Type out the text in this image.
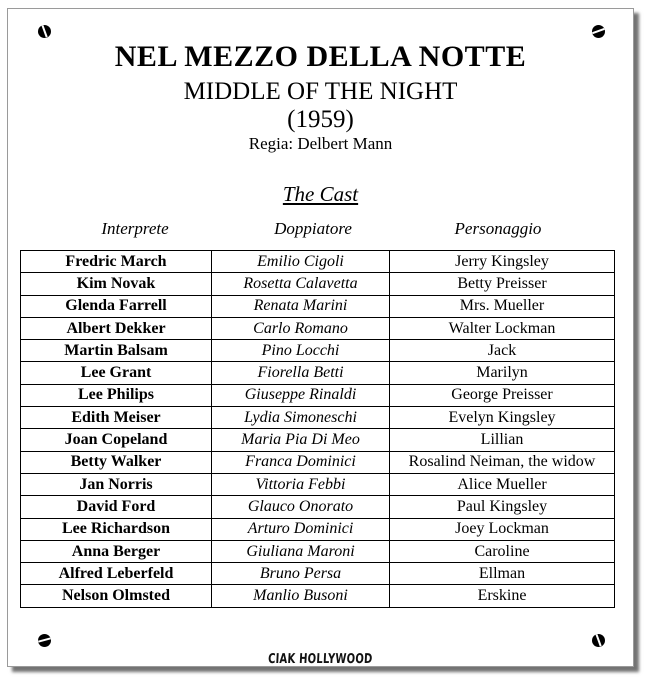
NEL MEZZO DELLA NOTTE
MIDDLE OF THE NIGHT
(1959)
Regia: Delbert Mann
The Cast
Interprete	Doppiatore	Personaggio
Fredric March	Emilio Cigoli	Jerry Kingsley
Kim Novak	Rosetta Calavetta	Betty Preisser
Glenda Farrell	Renata Marini	Mrs. Mueller
Albert Dekker	Carlo Romano	Walter Lockman
Martin Balsam	Pino Locchi	Jack
Lee Grant	Fiorella Betti	Marilyn
Lee Philips	Giuseppe Rinaldi	George Preisser
Edith Meiser	Lydia Simoneschi	Evelyn Kingsley
Joan Copeland	Maria Pia Di Meo	Lillian
Betty Walker	Franca Dominici	Rosalind Neiman, the widow
Jan Norris	Vittoria Febbi	Alice Mueller
David Ford	Glauco Onorato	Paul Kingsley
Lee Richardson	Arturo Dominici	Joey Lockman
Anna Berger	Giuliana Maroni	Caroline
Alfred Leberfeld	Bruno Persa	Ellman
Nelson Olmsted	Manlio Busoni	Erskine
CIAK HOLLYWOOD
